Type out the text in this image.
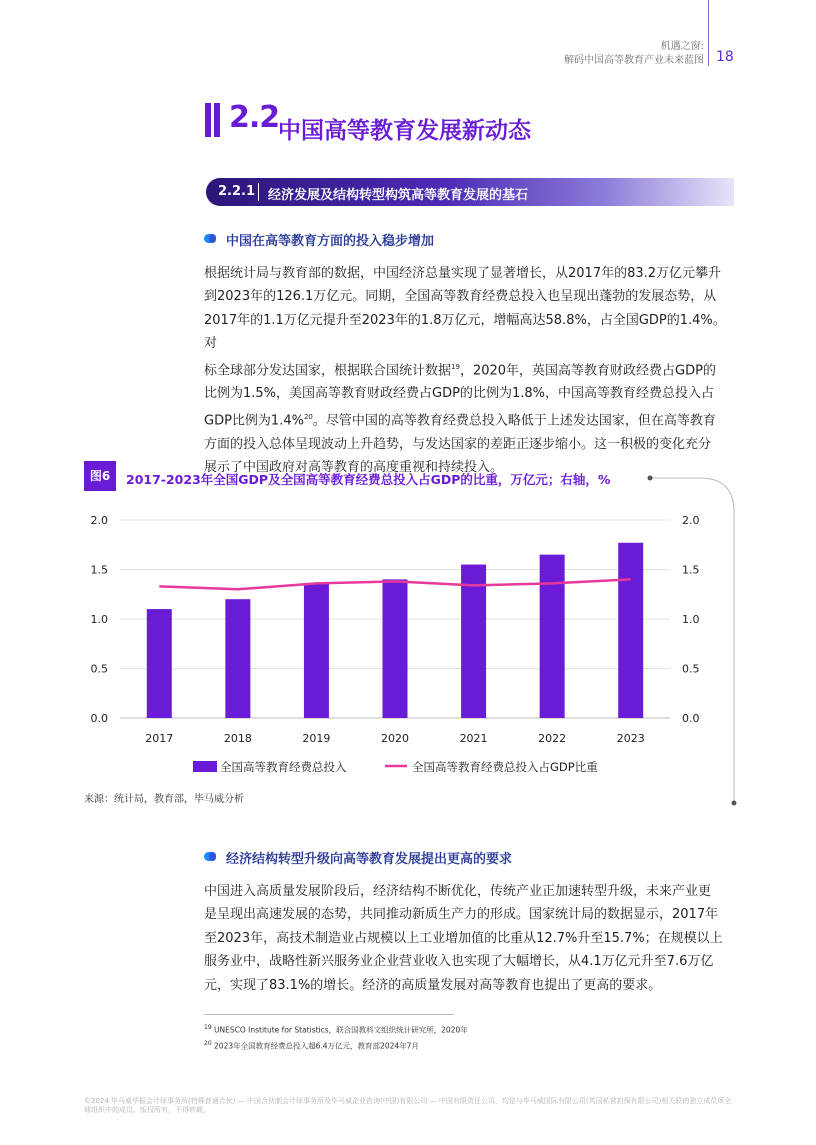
机遇之窗:
解码中国高等教育产业未来蓝图 18
2.2
中国高等教育发展新动态
2.2.1 经济发展及结构转型构筑高等教育发展的基石
中国在高等教育方面的投入稳步增加
根据统计局与教育部的数据，中国经济总量实现了显著增长，从2017年的83.2万亿元攀升
到2023年的126.1万亿元。同期，全国高等教育经费总投入也呈现出蓬勃的发展态势，从
2017年的1.1万亿元提升至2023年的1.8万亿元，增幅高达58.8%，占全国GDP的1.4%。对
标全球部分发达国家，根据联合国统计数据$^{19}$，2020年，英国高等教育财政经费占GDP的
比例为1.5%，美国高等教育财政经费占GDP的比例为1.8%，中国高等教育经费总投入占
GDP比例为1.4%$^{20}$。尽管中国的高等教育经费总投入略低于上述发达国家，但在高等教育
方面的投入总体呈现波动上升趋势，与发达国家的差距正逐步缩小。这一积极的变化充分
展示了中国政府对高等教育的高度重视和持续投入。
图6	2017-2023年全国GDP及全国高等教育经费总投入占GDP的比重，万亿元；右轴，%
2.0
1.5
1.0
0.5
0.0
2.0
1.5
1.0
0.5
0.0
2017	2018	2019	2020	2021	2022	2023
全国高等教育经费总投入	全国高等教育经费总投入占GDP比重
来源：统计局，教育部，毕马威分析
经济结构转型升级向高等教育发展提出更高的要求
中国进入高质量发展阶段后，经济结构不断优化，传统产业正加速转型升级，未来产业更
是呈现出高速发展的态势，共同推动新质生产力的形成。国家统计局的数据显示，2017年
至2023年，高技术制造业占规模以上工业增加值的比重从12.7%升至15.7%；在规模以上
服务业中，战略性新兴服务业企业营业收入也实现了大幅增长，从4.1万亿元升至7.6万亿
元，实现了83.1%的增长。经济的高质量发展对高等教育也提出了更高的要求。
$^{19}$ UNESCO Institute for Statistics，联合国教科文组织统计研究所，2020年
$^{20}$ 2023年全国教育经费总投入超6.4万亿元，教育部2024年7月
©2024 毕马威华振会计师事务所(特殊普通合伙) — 中国合伙制会计师事务所及毕马威企业咨询(中国)有限公司 — 中国有限责任公司，均是与毕马威国际有限公司(英国私营担保有限公司)相关联的独立成员所全球组织中的成员。版权所有，不得转载。
